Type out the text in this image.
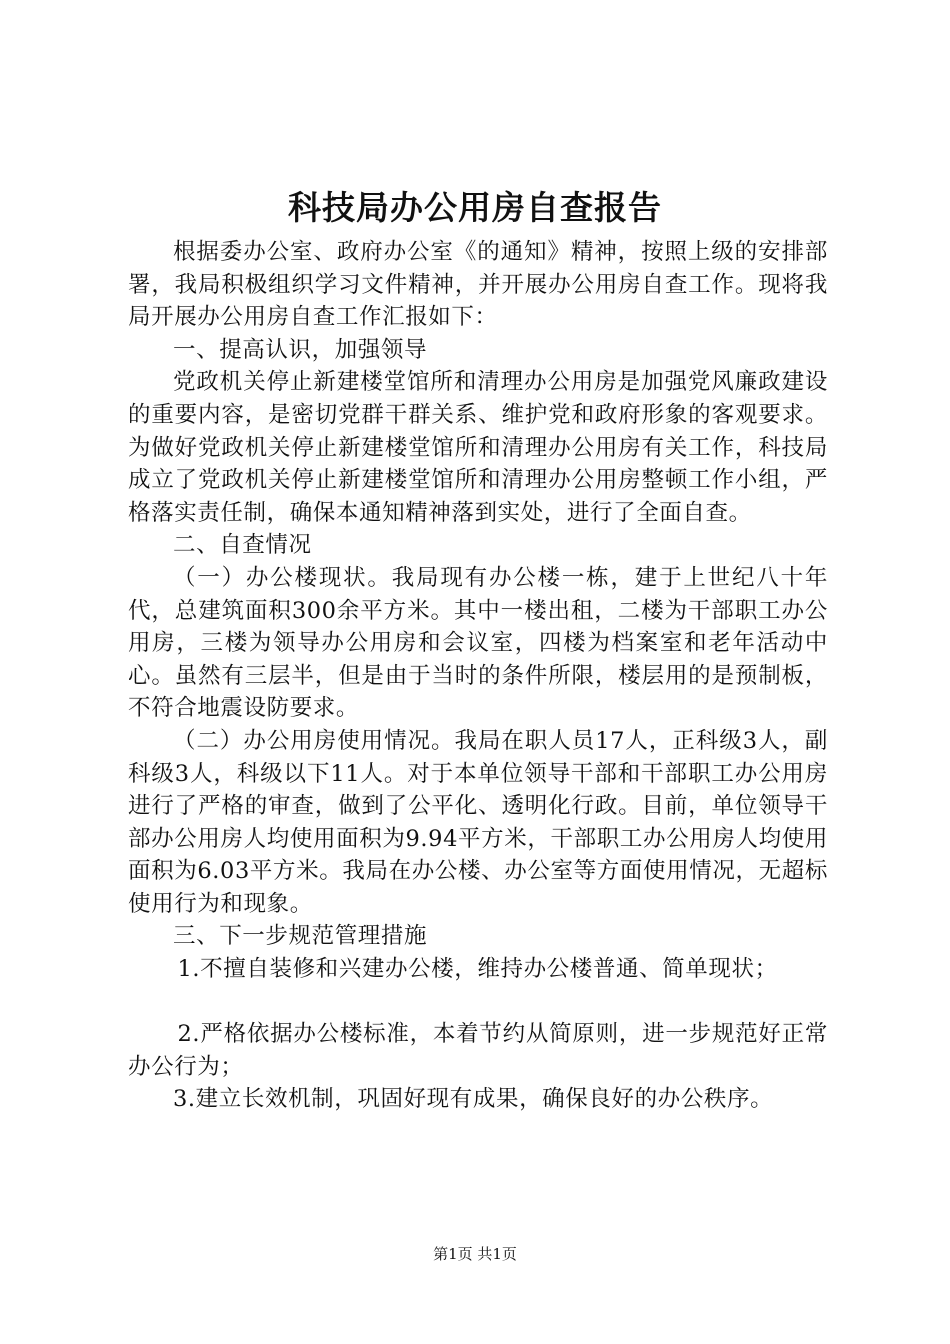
科技局办公用房自查报告

根据委办公室、政府办公室《的通知》精神，按照上级的安排部署，我局积极组织学习文件精神，并开展办公用房自查工作。现将我局开展办公用房自查工作汇报如下：

一、提高认识，加强领导

党政机关停止新建楼堂馆所和清理办公用房是加强党风廉政建设的重要内容，是密切党群干群关系、维护党和政府形象的客观要求。为做好党政机关停止新建楼堂馆所和清理办公用房有关工作，科技局成立了党政机关停止新建楼堂馆所和清理办公用房整顿工作小组，严格落实责任制，确保本通知精神落到实处，进行了全面自查。

二、自查情况

（一）办公楼现状。我局现有办公楼一栋，建于上世纪八十年代，总建筑面积300余平方米。其中一楼出租，二楼为干部职工办公用房，三楼为领导办公用房和会议室，四楼为档案室和老年活动中心。虽然有三层半，但是由于当时的条件所限，楼层用的是预制板，不符合地震设防要求。

（二）办公用房使用情况。我局在职人员17人，正科级3人，副科级3人，科级以下11人。对于本单位领导干部和干部职工办公用房进行了严格的审查，做到了公平化、透明化行政。目前，单位领导干部办公用房人均使用面积为9.94平方米，干部职工办公用房人均使用面积为6.03平方米。我局在办公楼、办公室等方面使用情况，无超标使用行为和现象。

三、下一步规范管理措施

1.不擅自装修和兴建办公楼，维持办公楼普通、简单现状；

2.严格依据办公楼标准，本着节约从简原则，进一步规范好正常办公行为；

3.建立长效机制，巩固好现有成果，确保良好的办公秩序。

第1页 共1页
